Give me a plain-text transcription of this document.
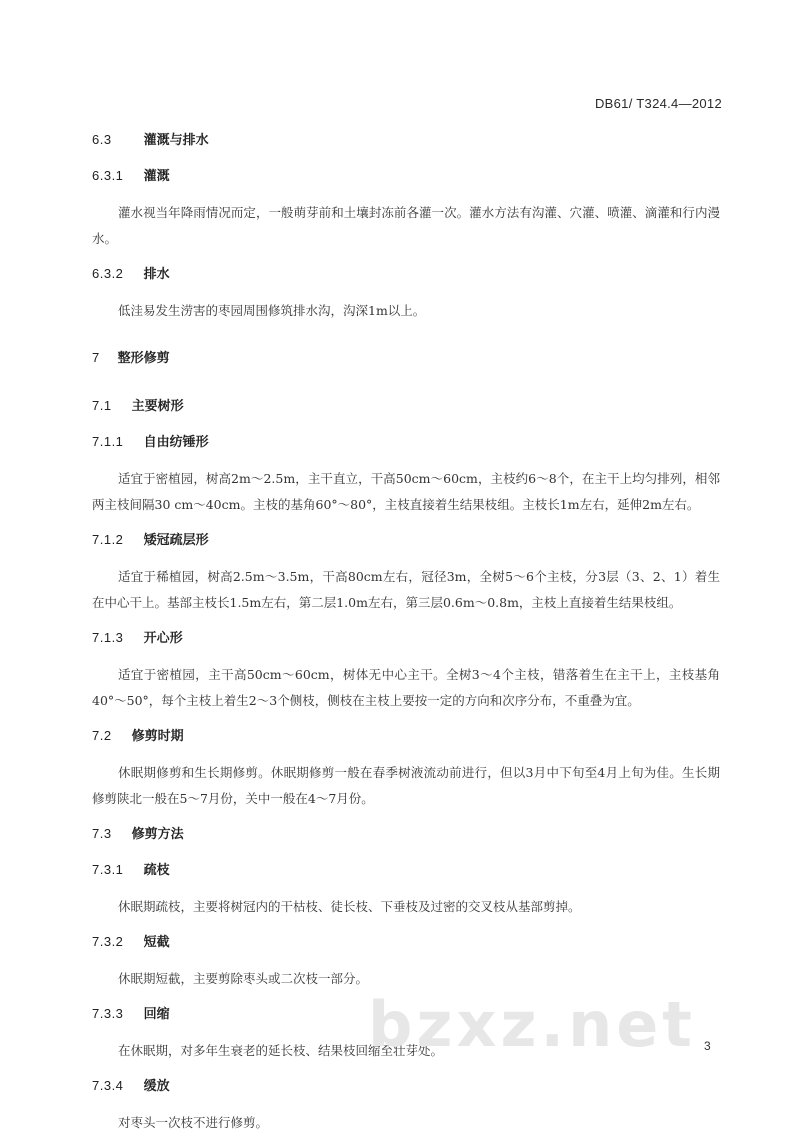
DB61/ T324.4—2012
6.3 灌溉与排水
6.3.1 灌溉

灌水视当年降雨情况而定，一般萌芽前和土壤封冻前各灌一次。灌水方法有沟灌、穴灌、喷灌、滴灌和行内漫水。

6.3.2 排水

低洼易发生涝害的枣园周围修筑排水沟，沟深1m以上。

7 整形修剪
7.1 主要树形
7.1.1 自由纺锤形

适宜于密植园，树高2m～2.5m，主干直立，干高50cm～60cm，主枝约6～8个，在主干上均匀排列，相邻两主枝间隔30 cm～40cm。主枝的基角60°～80°，主枝直接着生结果枝组。主枝长1m左右，延伸2m左右。

7.1.2 矮冠疏层形

适宜于稀植园，树高2.5m～3.5m，干高80cm左右，冠径3m，全树5～6个主枝，分3层（3、2、1）着生在中心干上。基部主枝长1.5m左右，第二层1.0m左右，第三层0.6m～0.8m，主枝上直接着生结果枝组。

7.1.3 开心形

适宜于密植园，主干高50cm～60cm，树体无中心主干。全树3～4个主枝，错落着生在主干上，主枝基角40°～50°，每个主枝上着生2～3个侧枝，侧枝在主枝上要按一定的方向和次序分布，不重叠为宜。

7.2 修剪时期

休眠期修剪和生长期修剪。休眠期修剪一般在春季树液流动前进行，但以3月中下旬至4月上旬为佳。生长期修剪陕北一般在5～7月份，关中一般在4～7月份。

7.3 修剪方法
7.3.1 疏枝

休眠期疏枝，主要将树冠内的干枯枝、徒长枝、下垂枝及过密的交叉枝从基部剪掉。

7.3.2 短截

休眠期短截，主要剪除枣头或二次枝一部分。

7.3.3 回缩

在休眠期，对多年生衰老的延长枝、结果枝回缩至壮芽处。

7.3.4 缓放

对枣头一次枝不进行修剪。

bzxz.net 3
